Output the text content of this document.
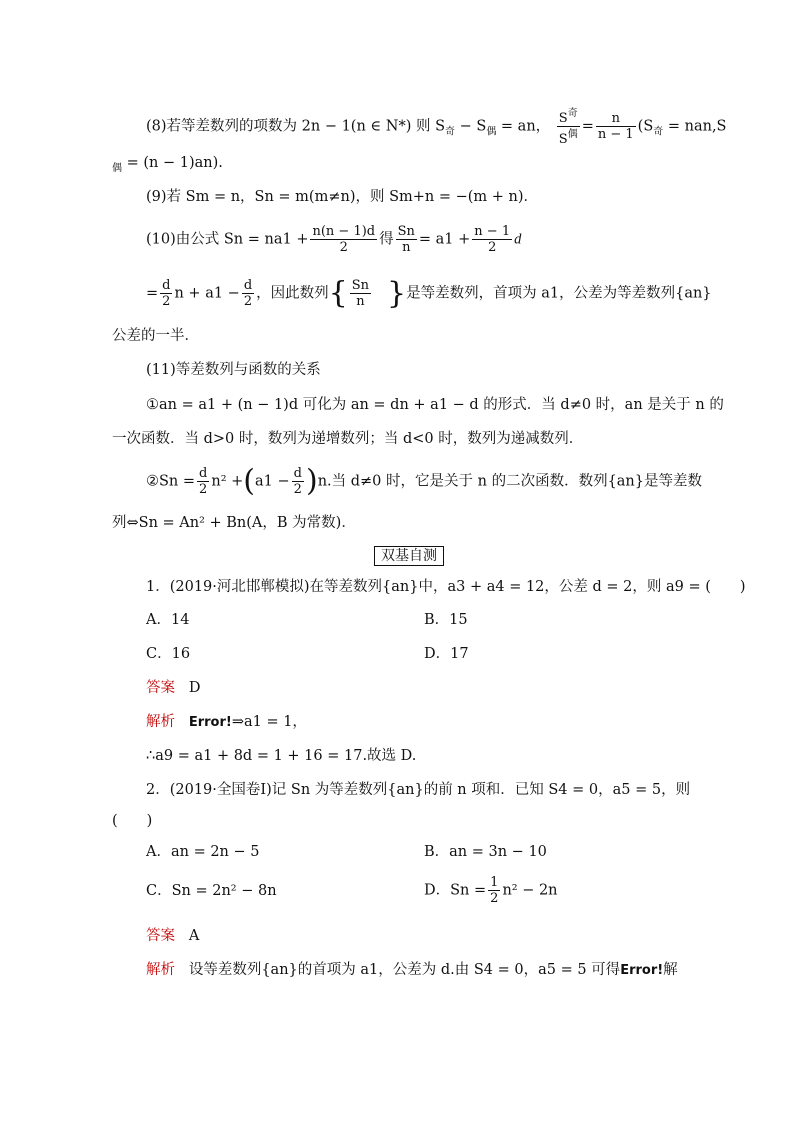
(8)若等差数列的项数为 2n − 1(n ∈ N*) 则 $S_奇 - S_偶$ = an， $\frac{S^奇}{S^偶} = \frac{n}{n - 1} (S_奇 = nan,S$
$_偶$ = (n − 1)an).
(9)若 Sm = n，Sn = m(m≠n)，则 Sm+n = −(m + n)．
(10)由公式 $Sn = na1 + \frac{n(n - 1)d}{2}$ 得 $\frac{Sn}{n} = a1 + \frac{n - 1}{2}$ d
= $\frac{d}{2}$ $n + a1 - \frac{d}{2}$ ，因此数列{ $\frac{Sn}{n}$ }是等差数列，首项为 a1，公差为等差数列{an}
公差的一半．
(11)等差数列与函数的关系
①an = a1 + (n − 1)d 可化为 an = dn + a1 − d 的形式．当 d≠0 时，an 是关于 n 的
一次函数．当 d>0 时，数列为递增数列；当 d<0 时，数列为递减数列．
②Sn = $\frac{d}{2} n^2 +(a1 - \frac{d}{2} )n$.当 d≠0 时，它是关于 n 的二次函数．数列{an}是等差数
列⇔Sn = An² + Bn(A，B 为常数)．
双基自测
1．(2019·河北邯郸模拟)在等差数列{an}中，a3 + a4 = 12，公差 d = 2，则 a9 = (　　)
A．14	B．15
C．16	D．17
答案 D
解析 Error!⇒a1 = 1，
∴a9 = a1 + 8d = 1 + 16 = 17.故选 D.
2．(2019·全国卷Ⅰ)记 Sn 为等差数列{an}的前 n 项和．已知 S4 = 0，a5 = 5，则
(　　)
A．an = 2n − 5	B．an = 3n − 10
C．Sn = 2n² − 8n	D．$Sn = \frac{1}{2} n^2 - 2n$
答案 A
解析 设等差数列{an}的首项为 a1，公差为 d.由 S4 = 0，a5 = 5 可得Error!解
